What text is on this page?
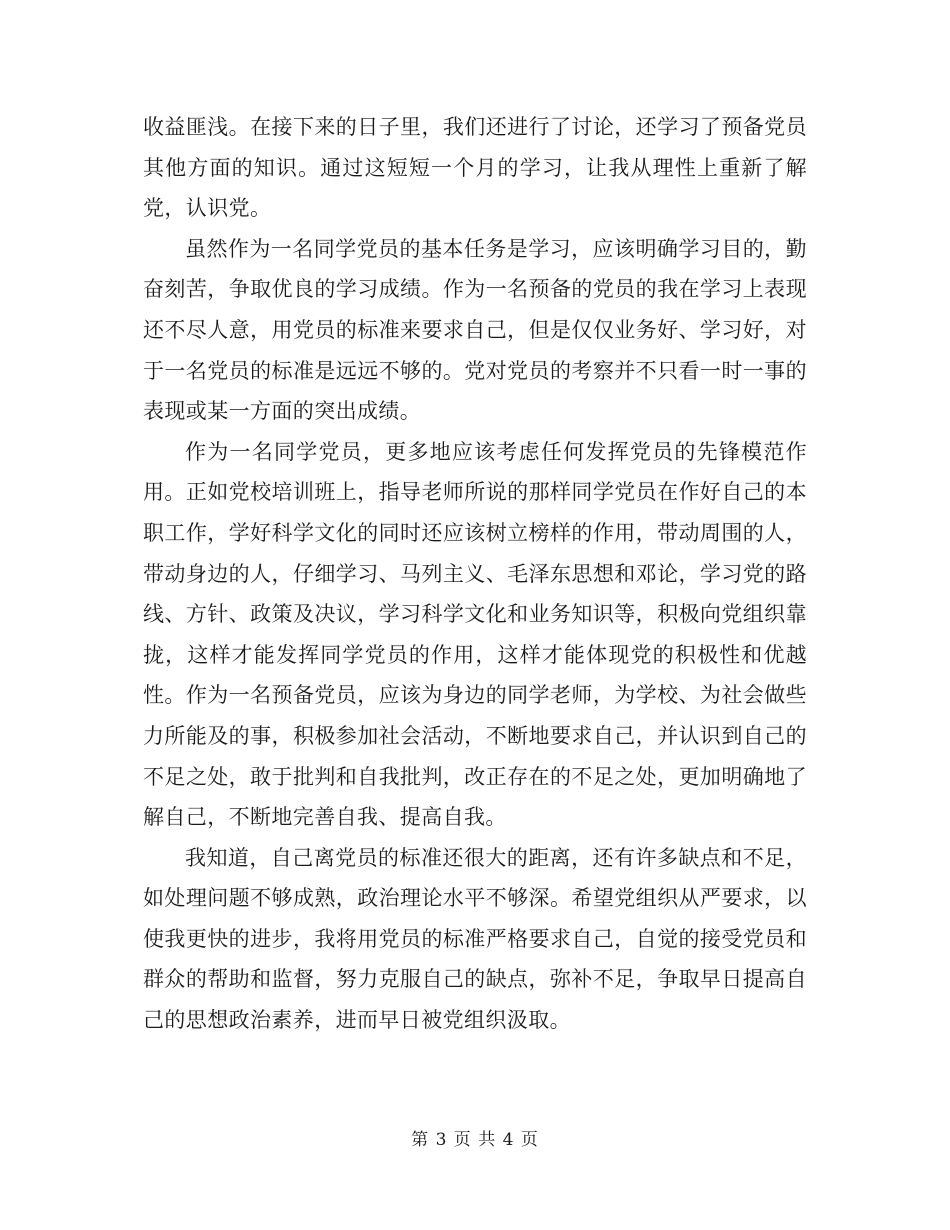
收益匪浅。在接下来的日子里，我们还进行了讨论，还学习了预备党员其他方面的知识。通过这短短一个月的学习，让我从理性上重新了解党，认识党。

虽然作为一名同学党员的基本任务是学习，应该明确学习目的，勤奋刻苦，争取优良的学习成绩。作为一名预备的党员的我在学习上表现还不尽人意，用党员的标准来要求自己，但是仅仅业务好、学习好，对于一名党员的标准是远远不够的。党对党员的考察并不只看一时一事的表现或某一方面的突出成绩。

作为一名同学党员，更多地应该考虑任何发挥党员的先锋模范作用。正如党校培训班上，指导老师所说的那样同学党员在作好自己的本职工作，学好科学文化的同时还应该树立榜样的作用，带动周围的人，带动身边的人，仔细学习、马列主义、毛泽东思想和邓论，学习党的路线、方针、政策及决议，学习科学文化和业务知识等，积极向党组织靠拢，这样才能发挥同学党员的作用，这样才能体现党的积极性和优越性。作为一名预备党员，应该为身边的同学老师，为学校、为社会做些力所能及的事，积极参加社会活动，不断地要求自己，并认识到自己的不足之处，敢于批判和自我批判，改正存在的不足之处，更加明确地了解自己，不断地完善自我、提高自我。

我知道，自己离党员的标准还很大的距离，还有许多缺点和不足，如处理问题不够成熟，政治理论水平不够深。希望党组织从严要求，以使我更快的进步，我将用党员的标准严格要求自己，自觉的接受党员和群众的帮助和监督，努力克服自己的缺点，弥补不足，争取早日提高自己的思想政治素养，进而早日被党组织汲取。

第 3 页 共 4 页
